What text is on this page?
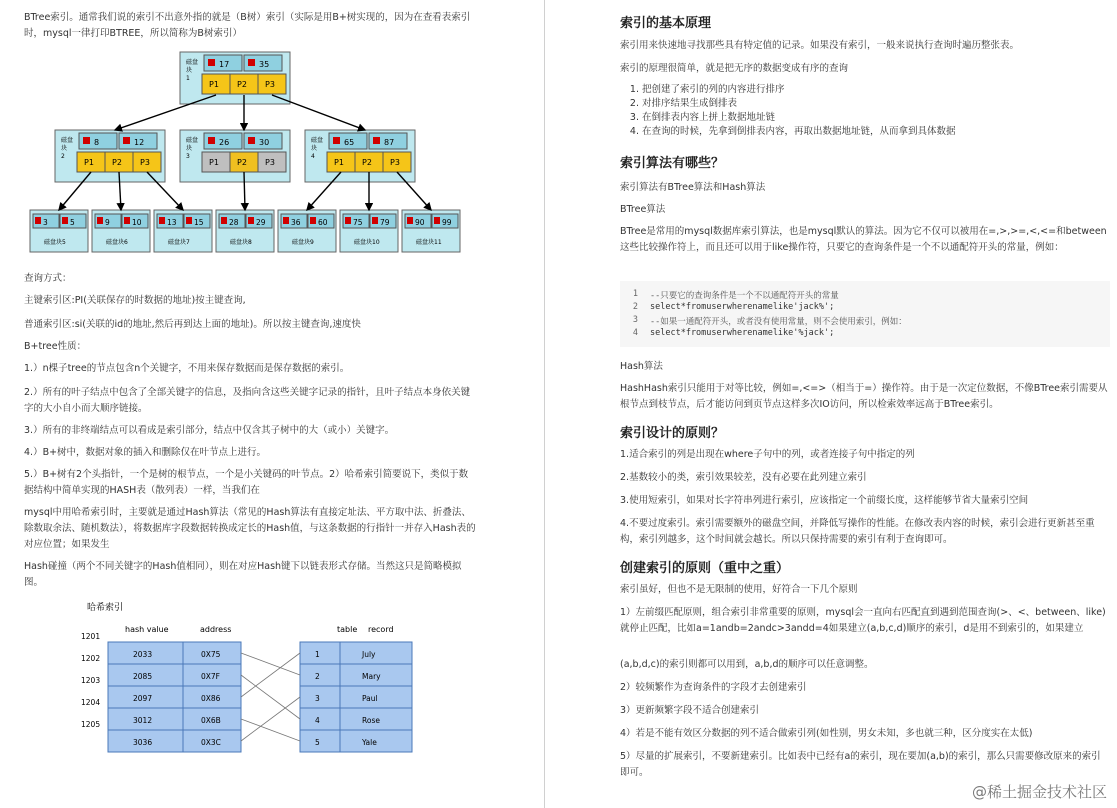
BTree索引。通常我们说的索引不出意外指的就是（B树）索引（实际是用B+树实现的，因为在查看表索引时，mysql一律打印BTREE，所以简称为B树索引）
磁盘
块
1
17	35
P1 P2 P3
磁盘
块
2
8	12
P1 P2 P3
磁盘
块
3
26	30
P1 P2 P3
磁盘
块
4
65	87
P1 P2 P3
3	5
磁盘块5
9	10
磁盘块6
13 15
磁盘块7
28 29
磁盘块8
36 60
磁盘块9
75 79
磁盘块10
90 99
磁盘块11
查询方式：
主键索引区:PI(关联保存的时数据的地址)按主键查询,
普通索引区:si(关联的id的地址,然后再到达上面的地址)。所以按主键查询,速度快
B+tree性质：
1.）n棵子tree的节点包含n个关键字，不用来保存数据而是保存数据的索引。
2.）所有的叶子结点中包含了全部关键字的信息，及指向含这些关键字记录的指针，且叶子结点本身依关键字的大小自小而大顺序链接。
3.）所有的非终端结点可以看成是索引部分，结点中仅含其子树中的大（或小）关键字。
4.）B+树中，数据对象的插入和删除仅在叶节点上进行。
5.）B+树有2个头指针，一个是树的根节点，一个是小关键码的叶节点。2）哈希索引简要说下，类似于数据结构中简单实现的HASH表（散列表）一样，当我们在
mysql中用哈希索引时，主要就是通过Hash算法（常见的Hash算法有直接定址法、平方取中法、折叠法、除数取余法、随机数法），将数据库字段数据转换成定长的Hash值，与这条数据的行指针一并存入Hash表的对应位置；如果发生
Hash碰撞（两个不同关键字的Hash值相同），则在对应Hash键下以链表形式存储。当然这只是简略模拟图。
哈希索引
hash value	address	table record
1201
2033	0X75
1202
2085	0X7F
1203
2097	0X86
1204
3012	0X6B
1205
3036	0X3C
1	July
2	Mary
3	Paul
4	Rose
5	Yale
索引的基本原理
索引用来快速地寻找那些具有特定值的记录。如果没有索引，一般来说执行查询时遍历整张表。
索引的原理很简单，就是把无序的数据变成有序的查询
1. 把创建了索引的列的内容进行排序
2. 对排序结果生成倒排表
3. 在倒排表内容上拼上数据地址链
4. 在查询的时候，先拿到倒排表内容，再取出数据地址链，从而拿到具体数据
索引算法有哪些？
索引算法有BTree算法和Hash算法
BTree算法
BTree是常用的mysql数据库索引算法，也是mysql默认的算法。因为它不仅可以被用在=,>,>=,<,<=和between这些比较操作符上，而且还可以用于like操作符，只要它的查询条件是一个不以通配符开头的常量，例如：
1 --只要它的查询条件是一个不以通配符开头的常量
2 select*fromuserwherenamelike'jack%';
3 --如果一通配符开头，或者没有使用常量，则不会使用索引，例如：
4 select*fromuserwherenamelike'%jack';
Hash算法
HashHash索引只能用于对等比较，例如=,<=>（相当于=）操作符。由于是一次定位数据，不像BTree索引需要从根节点到枝节点，后才能访问到页节点这样多次IO访问，所以检索效率远高于BTree索引。
索引设计的原则？
1.适合索引的列是出现在where子句中的列，或者连接子句中指定的列
2.基数较小的类，索引效果较差，没有必要在此列建立索引
3.使用短索引，如果对长字符串列进行索引，应该指定一个前缀长度，这样能够节省大量索引空间
4.不要过度索引。索引需要额外的磁盘空间，并降低写操作的性能。在修改表内容的时候，索引会进行更新甚至重构，索引列越多，这个时间就会越长。所以只保持需要的索引有利于查询即可。
创建索引的原则（重中之重）
索引虽好，但也不是无限制的使用，好符合一下几个原则
1）左前缀匹配原则，组合索引非常重要的原则，mysql会一直向右匹配直到遇到范围查询(>、<、between、like)就停止匹配，比如a=1andb=2andc>3andd=4如果建立(a,b,c,d)顺序的索引，d是用不到索引的，如果建立
(a,b,d,c)的索引则都可以用到，a,b,d的顺序可以任意调整。
2）较频繁作为查询条件的字段才去创建索引
3）更新频繁字段不适合创建索引
4）若是不能有效区分数据的列不适合做索引列(如性别，男女未知，多也就三种，区分度实在太低)
5）尽量的扩展索引，不要新建索引。比如表中已经有a的索引，现在要加(a,b)的索引，那么只需要修改原来的索引即可。
@稀土掘金技术社区
